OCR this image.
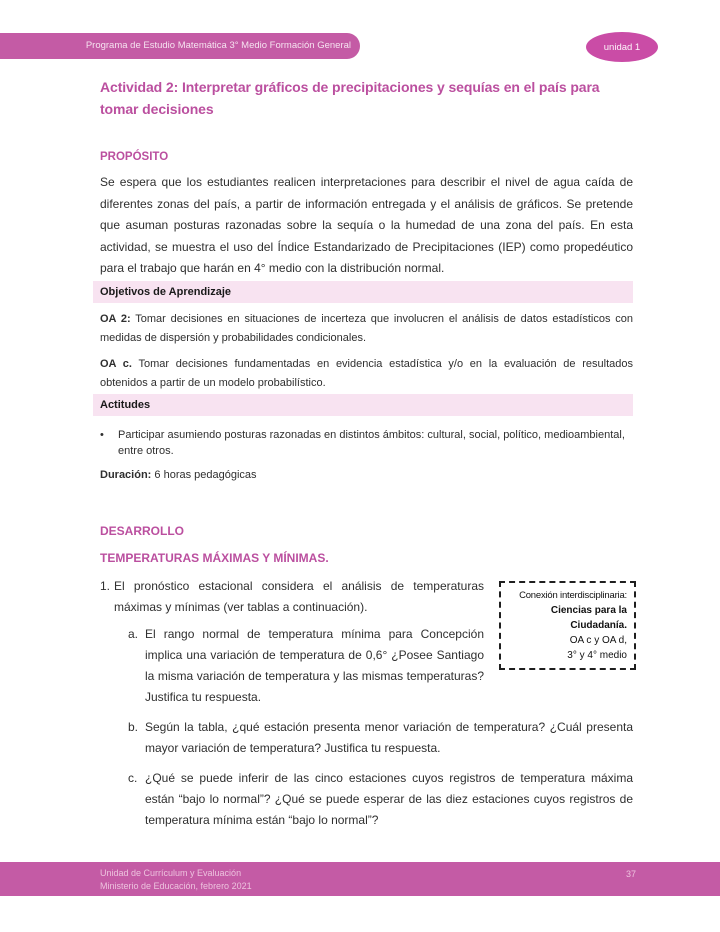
Programa de Estudio Matemática 3° Medio Formación General	unidad 1
Actividad 2: Interpretar gráficos de precipitaciones y sequías en el país para
tomar decisiones
PROPÓSITO

Se espera que los estudiantes realicen interpretaciones para describir el nivel de agua caída de diferentes zonas del país, a partir de información entregada y el análisis de gráficos. Se pretende que asuman posturas razonadas sobre la sequía o la humedad de una zona del país. En esta actividad, se muestra el uso del Índice Estandarizado de Precipitaciones (IEP) como propedéutico para el trabajo que harán en 4° medio con la distribución normal.

Objetivos de Aprendizaje

OA 2: Tomar decisiones en situaciones de incerteza que involucren el análisis de datos estadísticos con medidas de dispersión y probabilidades condicionales.

OA c. Tomar decisiones fundamentadas en evidencia estadística y/o en la evaluación de resultados obtenidos a partir de un modelo probabilístico.

Actitudes
•	Participar asumiendo posturas razonadas en distintos ámbitos: cultural, social, político, medioambiental, entre otros.

Duración: 6 horas pedagógicas

DESARROLLO
TEMPERATURAS MÁXIMAS Y MÍNIMAS.
1. El pronóstico estacional considera el análisis de temperaturas máximas y mínimas (ver tablas a continuación).
a. El rango normal de temperatura mínima para Concepción implica una variación de temperatura de 0,6° ¿Posee Santiago la misma variación de temperatura y las mismas temperaturas? Justifica tu respuesta.
b. Según la tabla, ¿qué estación presenta menor variación de temperatura? ¿Cuál presenta mayor variación de temperatura? Justifica tu respuesta.
c. ¿Qué se puede inferir de las cinco estaciones cuyos registros de temperatura máxima están “bajo lo normal”? ¿Qué se puede esperar de las diez estaciones cuyos registros de temperatura mínima están “bajo lo normal”?
Conexión interdisciplinaria:
Ciencias para la Ciudadanía.
OA c y OA d,
3° y 4° medio
Unidad de Currículum y Evaluación
Ministerio de Educación, febrero 2021
37
